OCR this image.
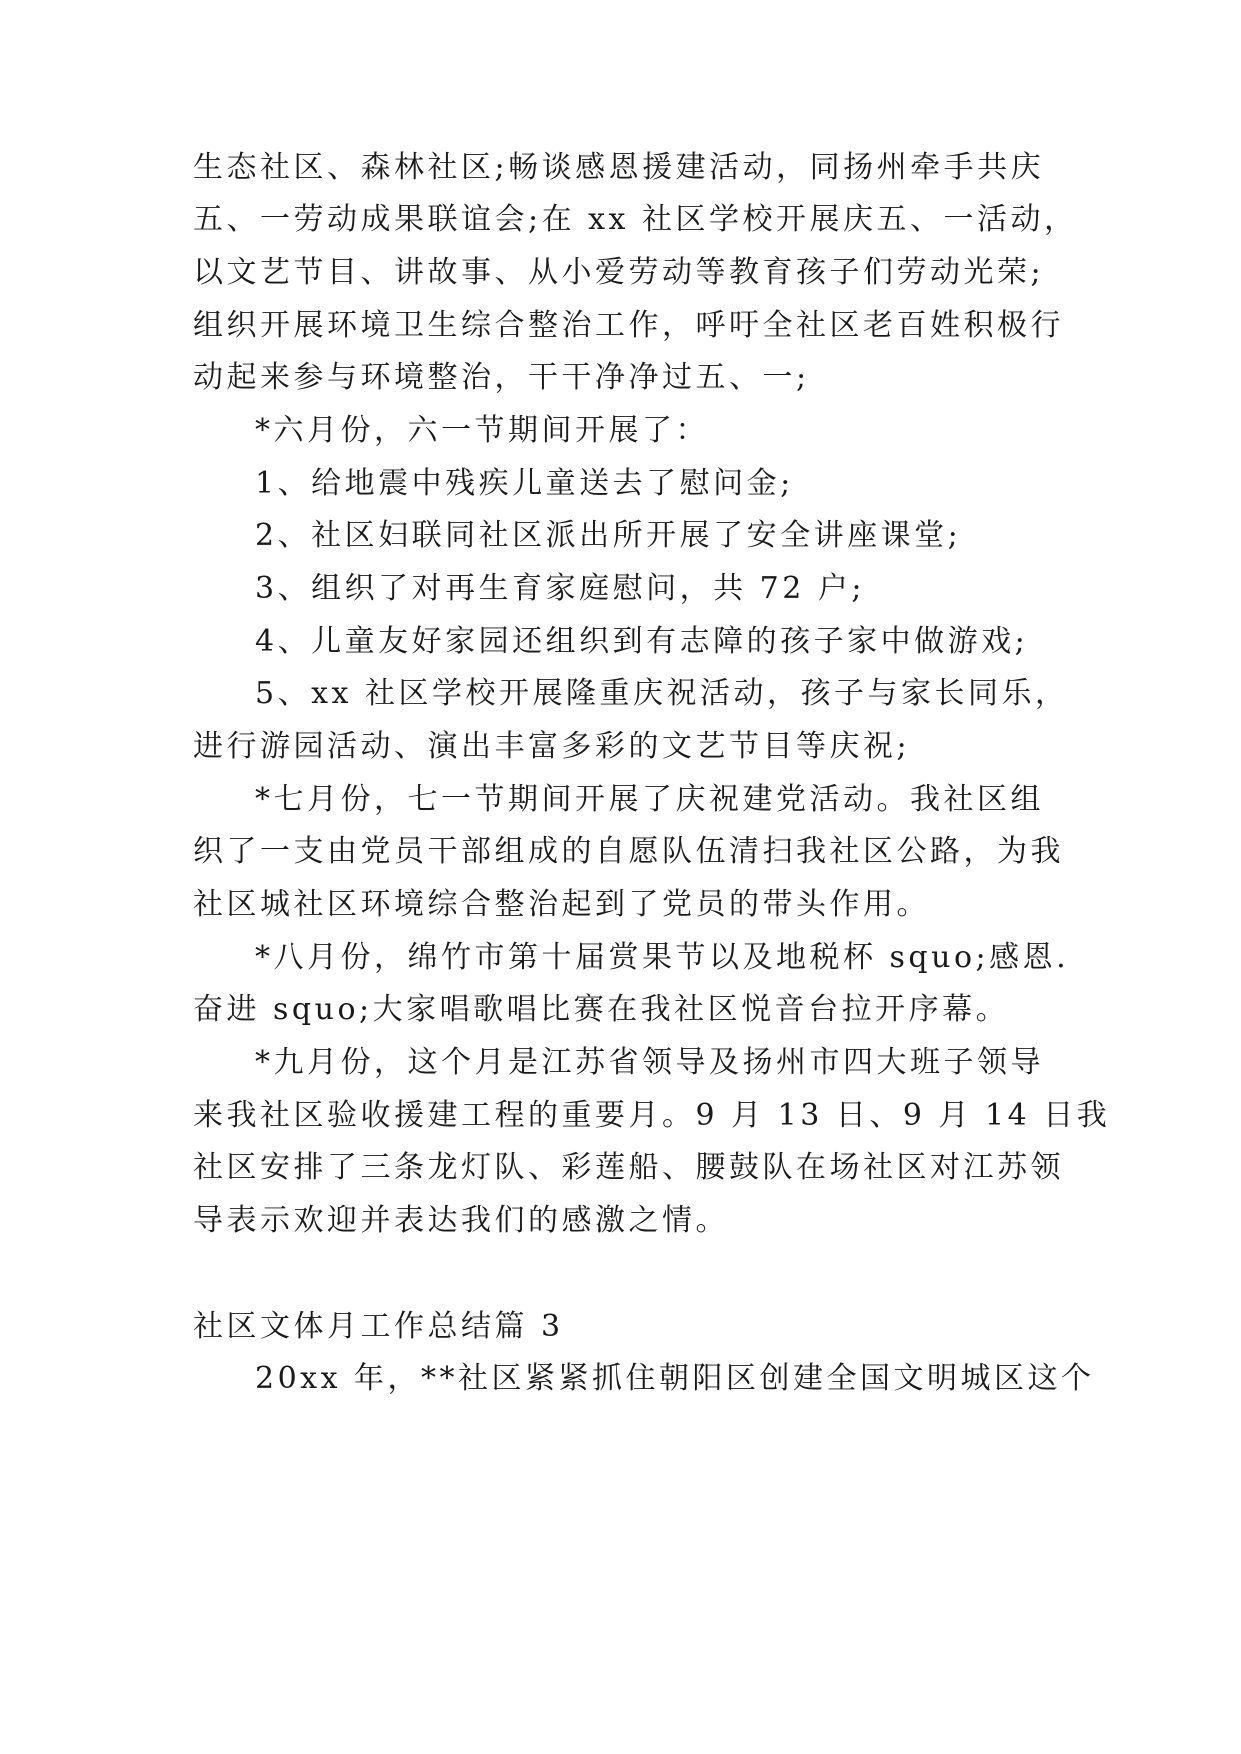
生态社区、森林社区;畅谈感恩援建活动，同扬州牵手共庆
五、一劳动成果联谊会;在 xx 社区学校开展庆五、一活动，
以文艺节目、讲故事、从小爱劳动等教育孩子们劳动光荣;
组织开展环境卫生综合整治工作，呼吁全社区老百姓积极行
动起来参与环境整治，干干净净过五、一;
*六月份，六一节期间开展了：
1、给地震中残疾儿童送去了慰问金;
2、社区妇联同社区派出所开展了安全讲座课堂;
3、组织了对再生育家庭慰问，共 72 户;
4、儿童友好家园还组织到有志障的孩子家中做游戏;
5、xx 社区学校开展隆重庆祝活动，孩子与家长同乐，
进行游园活动、演出丰富多彩的文艺节目等庆祝;
*七月份，七一节期间开展了庆祝建党活动。我社区组
织了一支由党员干部组成的自愿队伍清扫我社区公路，为我
社区城社区环境综合整治起到了党员的带头作用。
*八月份，绵竹市第十届赏果节以及地税杯 squo;感恩.
奋进 squo;大家唱歌唱比赛在我社区悦音台拉开序幕。
*九月份，这个月是江苏省领导及扬州市四大班子领导
来我社区验收援建工程的重要月。9 月 13 日、9 月 14 日我
社区安排了三条龙灯队、彩莲船、腰鼓队在场社区对江苏领
导表示欢迎并表达我们的感激之情。
社区文体月工作总结篇 3
20xx 年，**社区紧紧抓住朝阳区创建全国文明城区这个
